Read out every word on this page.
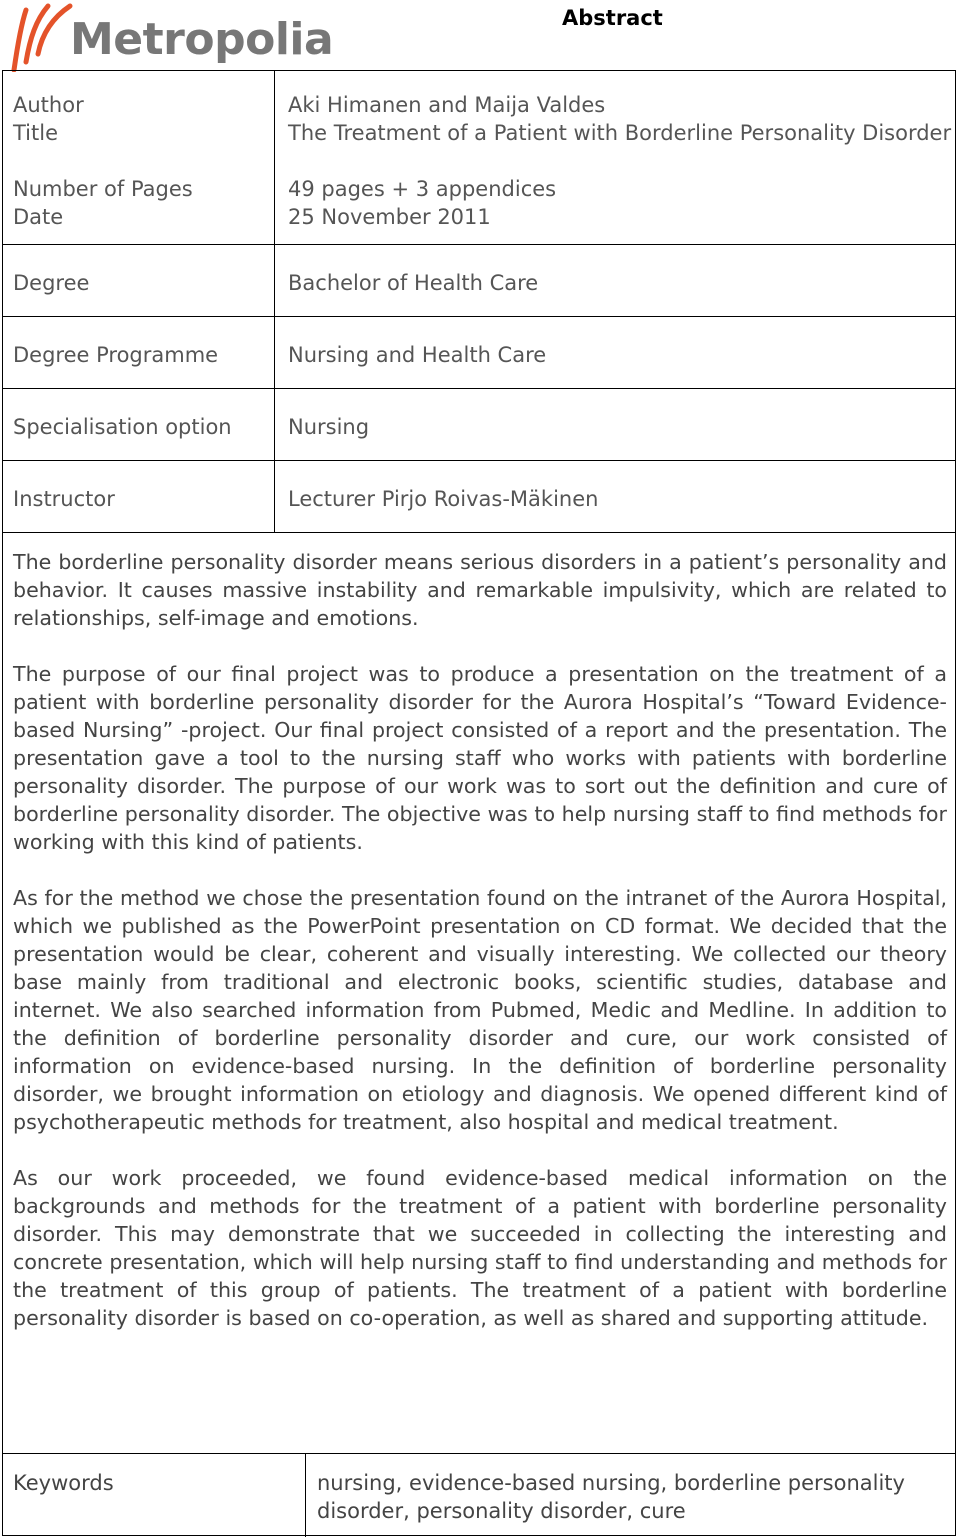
Metropolia	Abstract
Author
Title
Number of Pages
Date
Degree
Degree Programme
Specialisation option
Instructor
Aki Himanen and Maija Valdes
The Treatment of a Patient with Borderline Personality Disorder
49 pages + 3 appendices
25 November 2011
Bachelor of Health Care
Nursing and Health Care
Nursing
Lecturer Pirjo Roivas-Mäkinen

The borderline personality disorder means serious disorders in a patient’s personality and behavior. It causes massive instability and remarkable impulsivity, which are related to relationships, self-image and emotions.

The purpose of our final project was to produce a presentation on the treatment of a patient with borderline personality disorder for the Aurora Hospital’s “Toward Evidence-based Nursing” -project. Our final project consisted of a report and the presentation. The presentation gave a tool to the nursing staff who works with patients with borderline personality disorder. The purpose of our work was to sort out the definition and cure of borderline personality disorder. The objective was to help nursing staff to find methods for working with this kind of patients.

As for the method we chose the presentation found on the intranet of the Aurora Hospital, which we published as the PowerPoint presentation on CD format. We decided that the presentation would be clear, coherent and visually interesting. We collected our theory base mainly from traditional and electronic books, scientific studies, database and internet. We also searched information from Pubmed, Medic and Medline. In addition to the definition of borderline personality disorder and cure, our work consisted of information on evidence-based nursing. In the definition of borderline personality disorder, we brought information on etiology and diagnosis. We opened different kind of psychotherapeutic methods for treatment, also hospital and medical treatment.

As our work proceeded, we found evidence-based medical information on the backgrounds and methods for the treatment of a patient with borderline personality disorder. This may demonstrate that we succeeded in collecting the interesting and concrete presentation, which will help nursing staff to find understanding and methods for the treatment of this group of patients. The treatment of a patient with borderline personality disorder is based on co-operation, as well as shared and supporting attitude.

Keywords	nursing, evidence-based nursing, borderline personality disorder, personality disorder, cure
